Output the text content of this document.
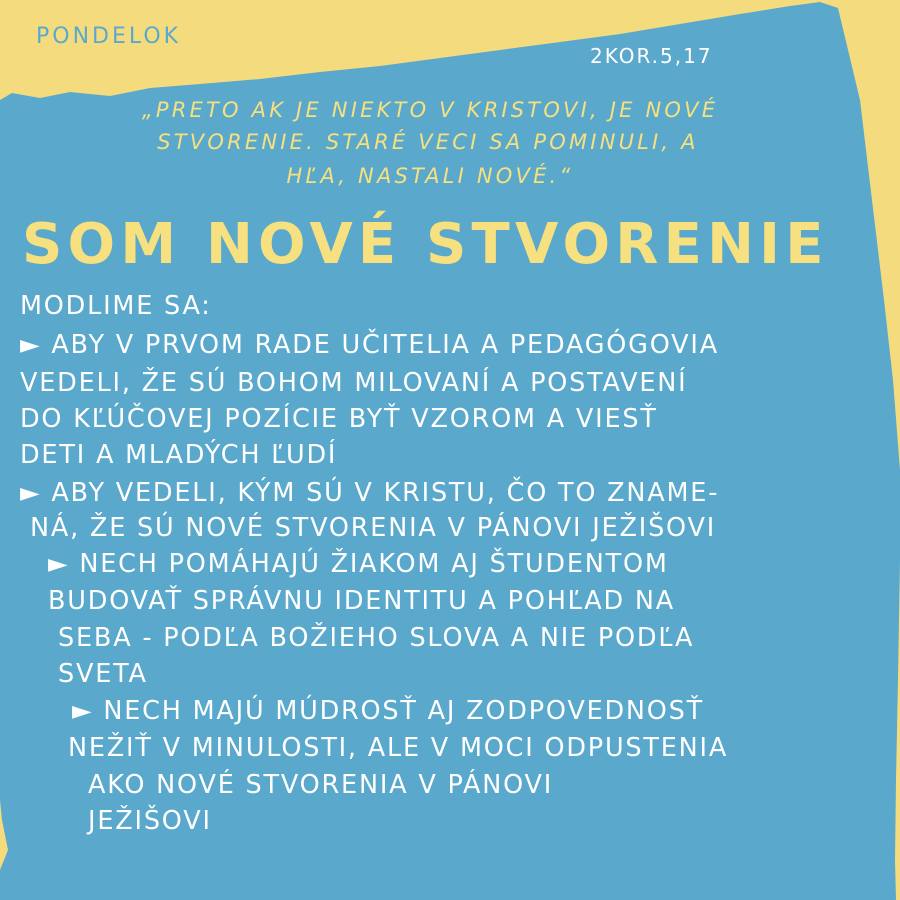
PONDELOK
2KOR.5,17
„PRETO AK JE NIEKTO V KRISTOVI, JE NOVÉ
STVORENIE. STARÉ VECI SA POMINULI, A
HĽA, NASTALI NOVÉ.“
SOM NOVÉ STVORENIE
MODLIME SA:
► ABY V PRVOM RADE UČITELIA A PEDAGÓGOVIA
VEDELI, ŽE SÚ BOHOM MILOVANÍ A POSTAVENÍ
DO KĽÚČOVEJ POZÍCIE BYŤ VZOROM A VIESŤ
DETI A MLADÝCH ĽUDÍ
► ABY VEDELI, KÝM SÚ V KRISTU, ČO TO ZNAME-
NÁ, ŽE SÚ NOVÉ STVORENIA V PÁNOVI JEŽIŠOVI
► NECH POMÁHAJÚ ŽIAKOM AJ ŠTUDENTOM
BUDOVAŤ SPRÁVNU IDENTITU A POHĽAD NA
SEBA - PODĽA BOŽIEHO SLOVA A NIE PODĽA
SVETA
► NECH MAJÚ MÚDROSŤ AJ ZODPOVEDNOSŤ
NEŽIŤ V MINULOSTI, ALE V MOCI ODPUSTENIA
AKO NOVÉ STVORENIA V PÁNOVI
JEŽIŠOVI
23.8.2021
